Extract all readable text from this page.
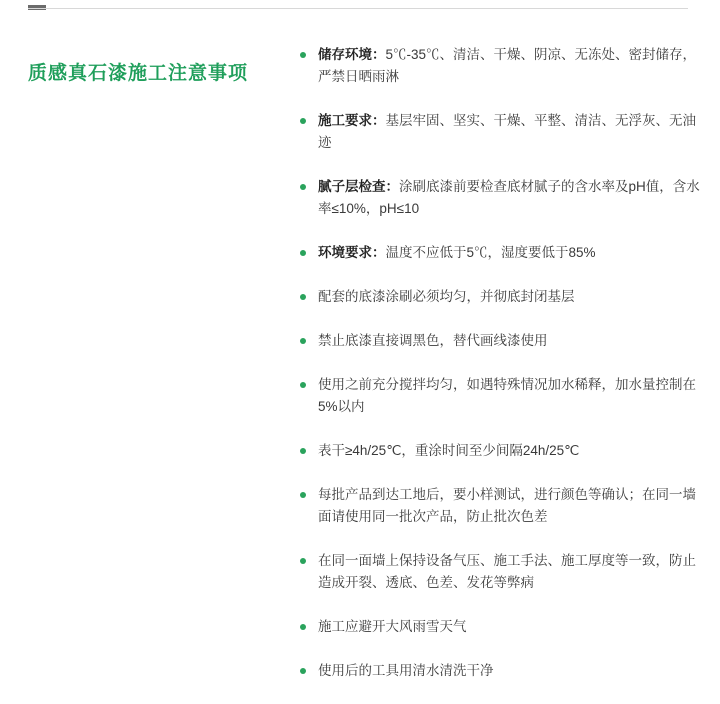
质感真石漆施工注意事项
储存环境：5℃-35℃、清洁、干燥、阴凉、无冻处、密封储存，严禁日晒雨淋
施工要求：基层牢固、坚实、干燥、平整、清洁、无浮灰、无油迹
腻子层检查：涂刷底漆前要检查底材腻子的含水率及pH值，含水率≤10%，pH≤10
环境要求：温度不应低于5℃，湿度要低于85%
配套的底漆涂刷必须均匀，并彻底封闭基层
禁止底漆直接调黑色，替代画线漆使用
使用之前充分搅拌均匀，如遇特殊情况加水稀释，加水量控制在5%以内
表干≥4h/25℃，重涂时间至少间隔24h/25℃
每批产品到达工地后，要小样测试，进行颜色等确认；在同一墙面请使用同一批次产品，防止批次色差
在同一面墙上保持设备气压、施工手法、施工厚度等一致，防止造成开裂、透底、色差、发花等弊病
施工应避开大风雨雪天气
使用后的工具用清水清洗干净
